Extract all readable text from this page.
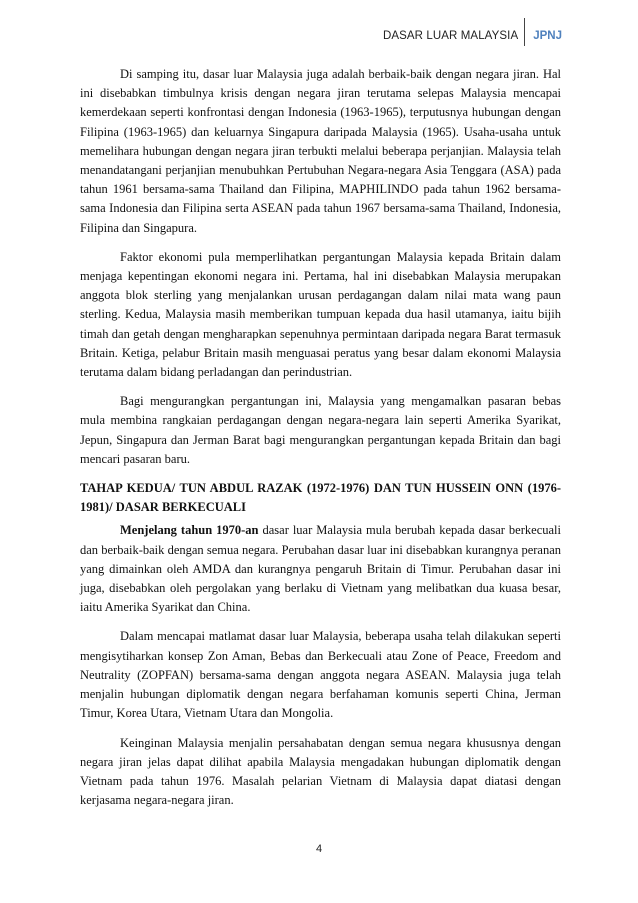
DASAR LUAR MALAYSIA	JPNJ

Di samping itu, dasar luar Malaysia juga adalah berbaik-baik dengan negara jiran. Hal ini disebabkan timbulnya krisis dengan negara jiran terutama selepas Malaysia mencapai kemerdekaan seperti konfrontasi dengan Indonesia (1963-1965), terputusnya hubungan dengan Filipina (1963-1965) dan keluarnya Singapura daripada Malaysia (1965). Usaha-usaha untuk memelihara hubungan dengan negara jiran terbukti melalui beberapa perjanjian. Malaysia telah menandatangani perjanjian menubuhkan Pertubuhan Negara-negara Asia Tenggara (ASA) pada tahun 1961 bersama-sama Thailand dan Filipina, MAPHILINDO pada tahun 1962 bersama-sama Indonesia dan Filipina serta ASEAN pada tahun 1967 bersama-sama Thailand, Indonesia, Filipina dan Singapura.

Faktor ekonomi pula memperlihatkan pergantungan Malaysia kepada Britain dalam menjaga kepentingan ekonomi negara ini. Pertama, hal ini disebabkan Malaysia merupakan anggota blok sterling yang menjalankan urusan perdagangan dalam nilai mata wang paun sterling. Kedua, Malaysia masih memberikan tumpuan kepada dua hasil utamanya, iaitu bijih timah dan getah dengan mengharapkan sepenuhnya permintaan daripada negara Barat termasuk Britain. Ketiga, pelabur Britain masih menguasai peratus yang besar dalam ekonomi Malaysia terutama dalam bidang perladangan dan perindustrian.

Bagi mengurangkan pergantungan ini, Malaysia yang mengamalkan pasaran bebas mula membina rangkaian perdagangan dengan negara-negara lain seperti Amerika Syarikat, Jepun, Singapura dan Jerman Barat bagi mengurangkan pergantungan kepada Britain dan bagi mencari pasaran baru.

TAHAP KEDUA/ TUN ABDUL RAZAK (1972-1976) DAN TUN HUSSEIN ONN (1976-1981)/ DASAR BERKECUALI

Menjelang tahun 1970-an dasar luar Malaysia mula berubah kepada dasar berkecuali dan berbaik-baik dengan semua negara. Perubahan dasar luar ini disebabkan kurangnya peranan yang dimainkan oleh AMDA dan kurangnya pengaruh Britain di Timur. Perubahan dasar ini juga, disebabkan oleh pergolakan yang berlaku di Vietnam yang melibatkan dua kuasa besar, iaitu Amerika Syarikat dan China.

Dalam mencapai matlamat dasar luar Malaysia, beberapa usaha telah dilakukan seperti mengisytiharkan konsep Zon Aman, Bebas dan Berkecuali atau Zone of Peace, Freedom and Neutrality (ZOPFAN) bersama-sama dengan anggota negara ASEAN. Malaysia juga telah menjalin hubungan diplomatik dengan negara berfahaman komunis seperti China, Jerman Timur, Korea Utara, Vietnam Utara dan Mongolia.

Keinginan Malaysia menjalin persahabatan dengan semua negara khususnya dengan negara jiran jelas dapat dilihat apabila Malaysia mengadakan hubungan diplomatik dengan Vietnam pada tahun 1976. Masalah pelarian Vietnam di Malaysia dapat diatasi dengan kerjasama negara-negara jiran.

4
